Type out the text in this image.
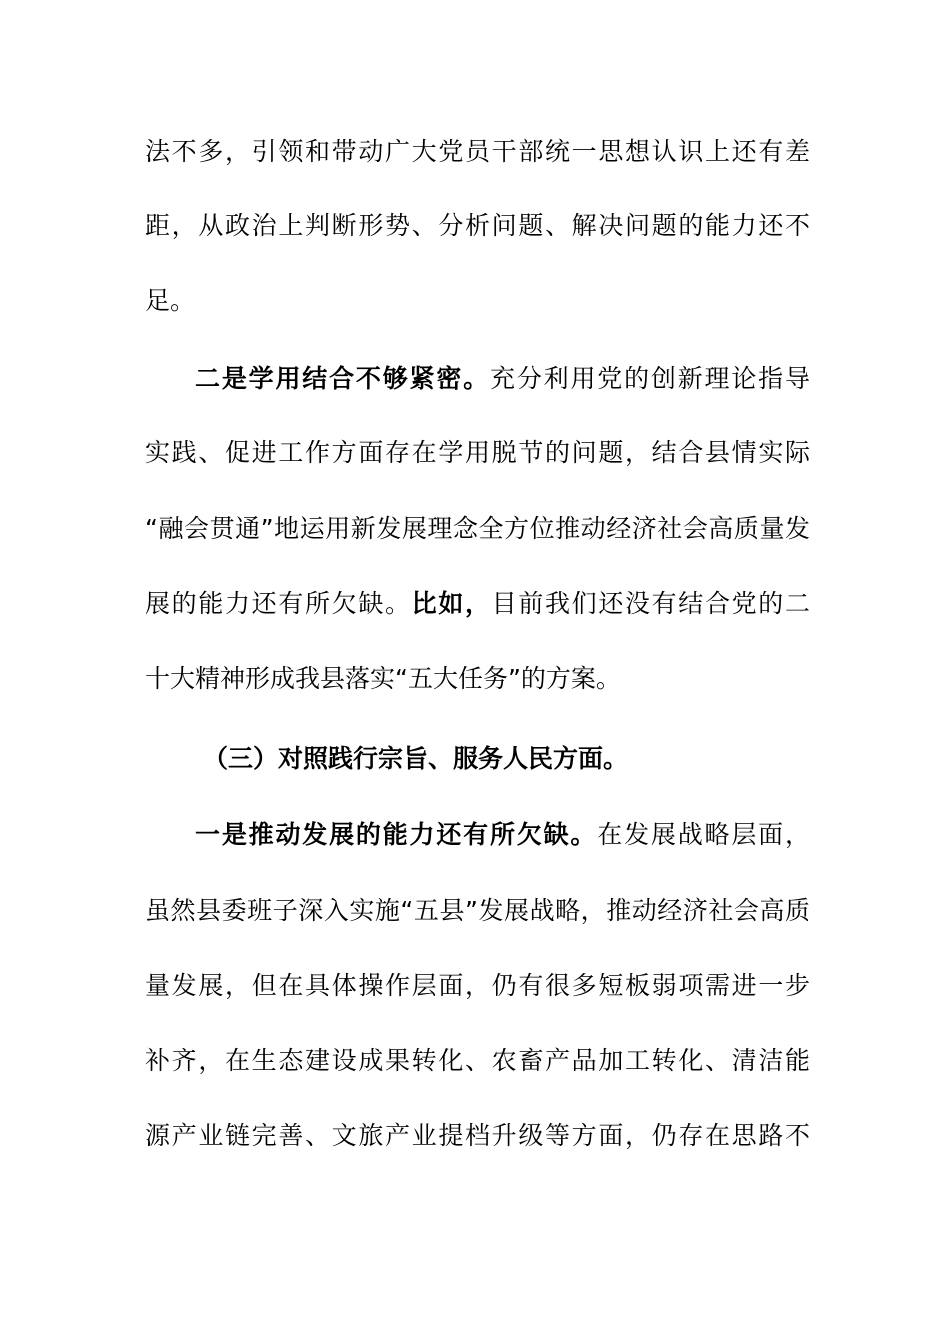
法不多，引领和带动广大党员干部统一思想认识上还有差
距，从政治上判断形势、分析问题、解决问题的能力还不
足。
二是学用结合不够紧密。充分利用党的创新理论指导
实践、促进工作方面存在学用脱节的问题，结合县情实际
“融会贯通”地运用新发展理念全方位推动经济社会高质量发
展的能力还有所欠缺。比如，目前我们还没有结合党的二
十大精神形成我县落实“五大任务”的方案。
（三）对照践行宗旨、服务人民方面。
一是推动发展的能力还有所欠缺。在发展战略层面，
虽然县委班子深入实施“五县”发展战略，推动经济社会高质
量发展，但在具体操作层面，仍有很多短板弱项需进一步
补齐，在生态建设成果转化、农畜产品加工转化、清洁能
源产业链完善、文旅产业提档升级等方面，仍存在思路不
